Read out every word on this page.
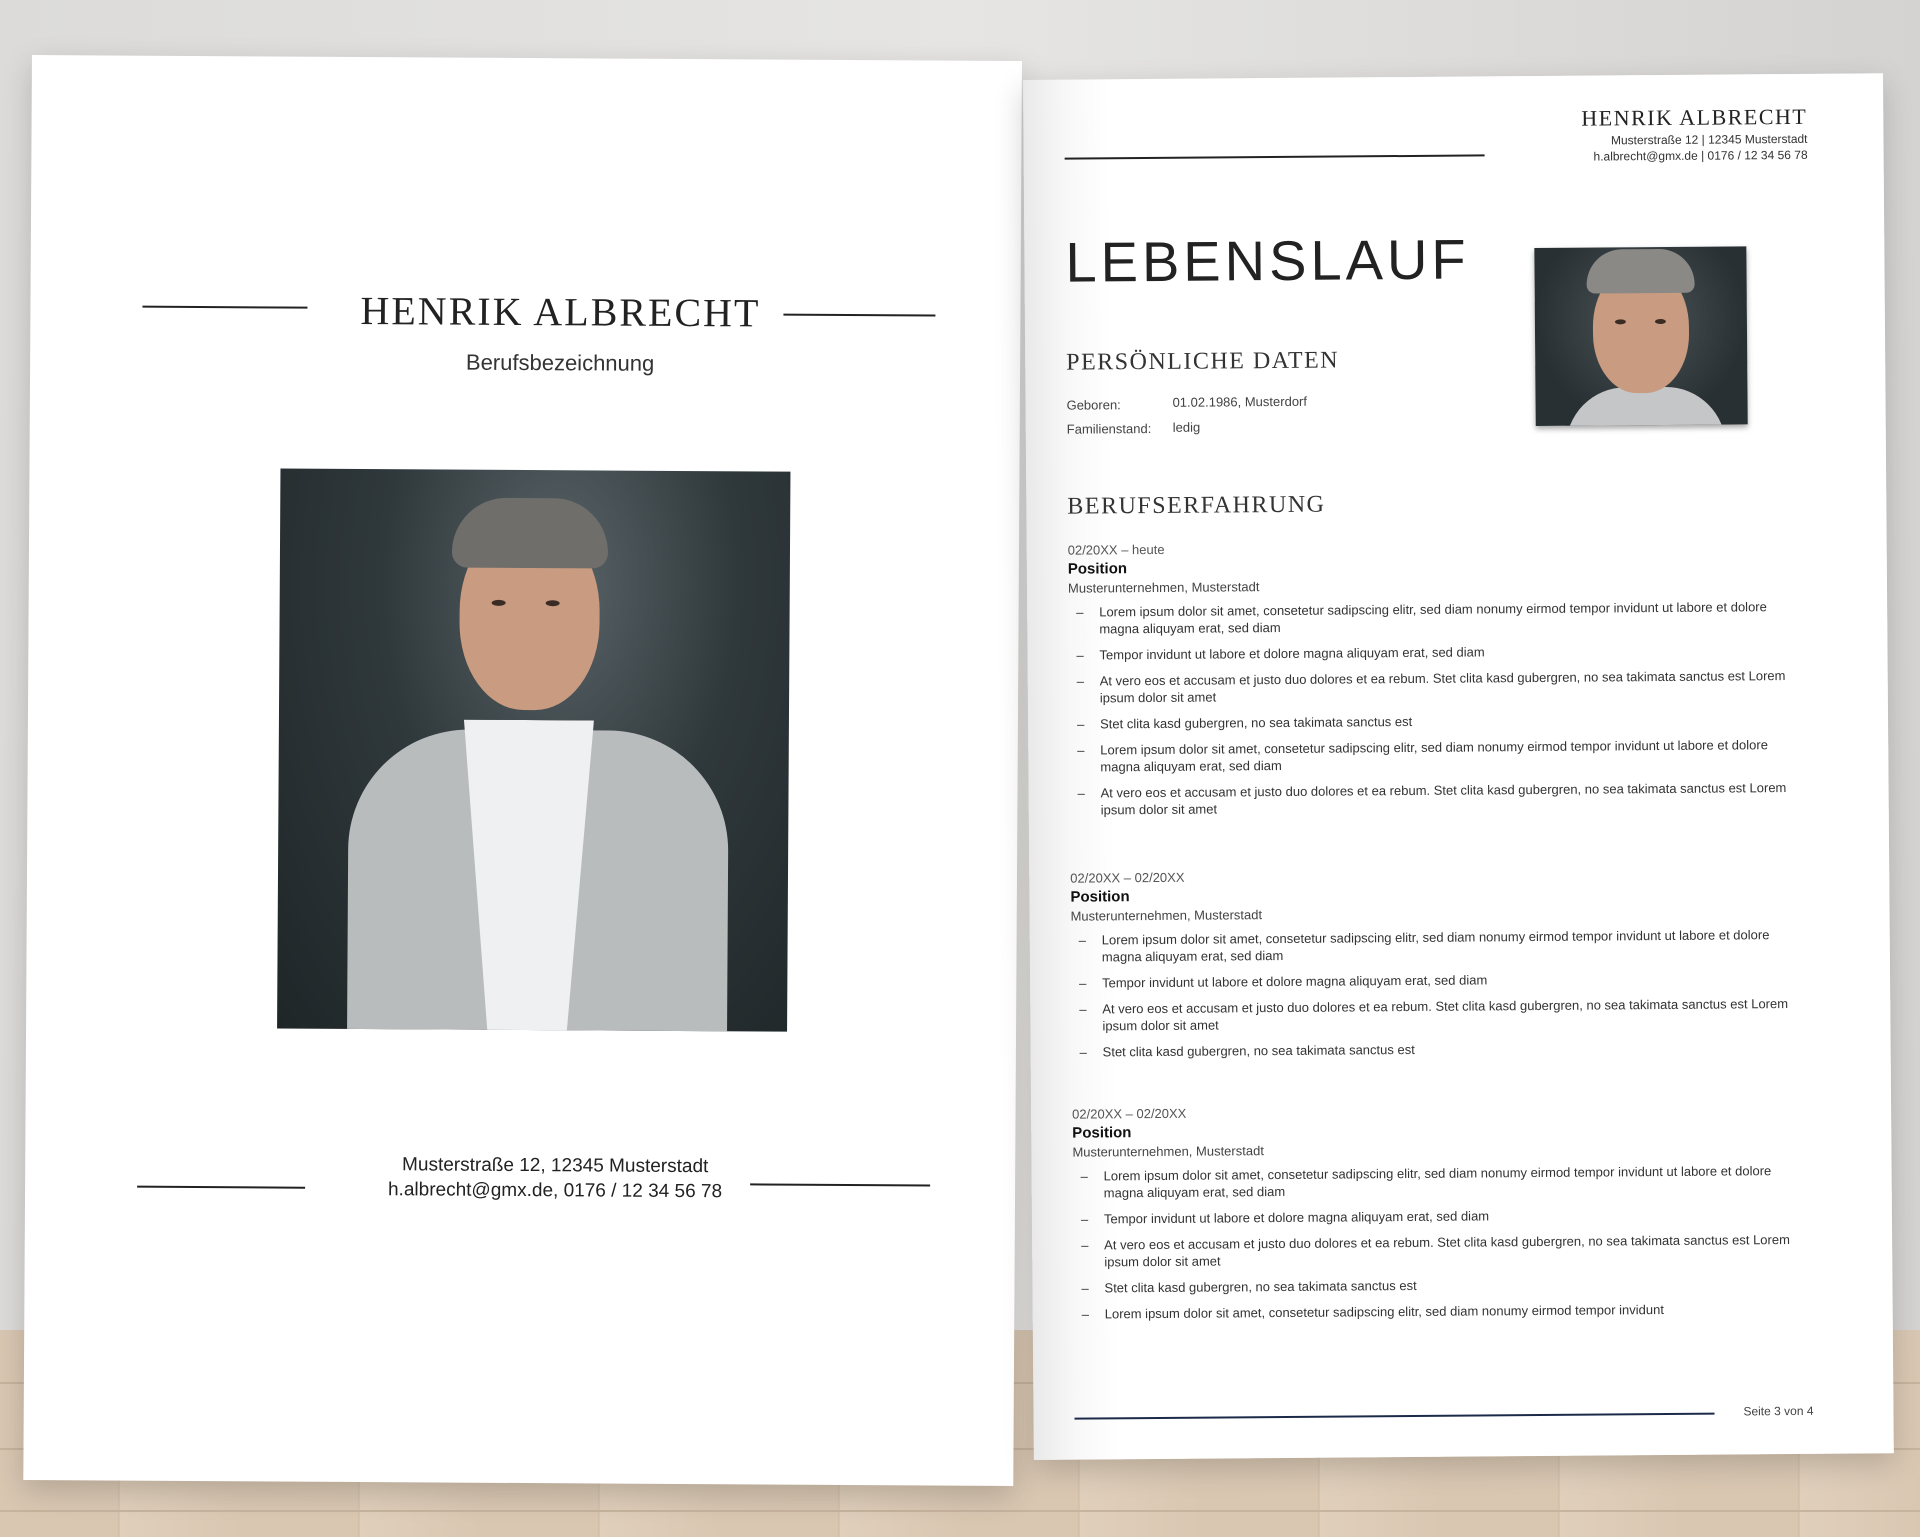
HENRIK ALBRECHT
Berufsbezeichnung
Musterstraße 12, 12345 Musterstadt
h.albrecht@gmx.de, 0176 / 12 34 56 78
HENRIK ALBRECHT
Musterstraße 12 | 12345 Musterstadt
h.albrecht@gmx.de | 0176 / 12 34 56 78
LEBENSLAUF
PERSÖNLICHE DATEN
Geboren:	01.02.1986, Musterdorf
Familienstand: ledig
BERUFSERFAHRUNG
02/20XX – heute
Position
Musterunternehmen, Musterstadt
– Lorem ipsum dolor sit amet, consetetur sadipscing elitr, sed diam nonumy eirmod tempor invidunt ut labore et dolore magna aliquyam erat, sed diam
– Tempor invidunt ut labore et dolore magna aliquyam erat, sed diam
– At vero eos et accusam et justo duo dolores et ea rebum. Stet clita kasd gubergren, no sea takimata sanctus est Lorem ipsum dolor sit amet
– Stet clita kasd gubergren, no sea takimata sanctus est
– Lorem ipsum dolor sit amet, consetetur sadipscing elitr, sed diam nonumy eirmod tempor invidunt ut labore et dolore magna aliquyam erat, sed diam
– At vero eos et accusam et justo duo dolores et ea rebum. Stet clita kasd gubergren, no sea takimata sanctus est Lorem ipsum dolor sit amet
02/20XX – 02/20XX
Position
Musterunternehmen, Musterstadt
– Lorem ipsum dolor sit amet, consetetur sadipscing elitr, sed diam nonumy eirmod tempor invidunt ut labore et dolore magna aliquyam erat, sed diam
– Tempor invidunt ut labore et dolore magna aliquyam erat, sed diam
– At vero eos et accusam et justo duo dolores et ea rebum. Stet clita kasd gubergren, no sea takimata sanctus est Lorem ipsum dolor sit amet
– Stet clita kasd gubergren, no sea takimata sanctus est
02/20XX – 02/20XX
Position
Musterunternehmen, Musterstadt
– Lorem ipsum dolor sit amet, consetetur sadipscing elitr, sed diam nonumy eirmod tempor invidunt ut labore et dolore magna aliquyam erat, sed diam
– Tempor invidunt ut labore et dolore magna aliquyam erat, sed diam
– At vero eos et accusam et justo duo dolores et ea rebum. Stet clita kasd gubergren, no sea takimata sanctus est Lorem ipsum dolor sit amet
– Stet clita kasd gubergren, no sea takimata sanctus est
– Lorem ipsum dolor sit amet, consetetur sadipscing elitr, sed diam nonumy eirmod tempor invidunt
Seite 3 von 4
